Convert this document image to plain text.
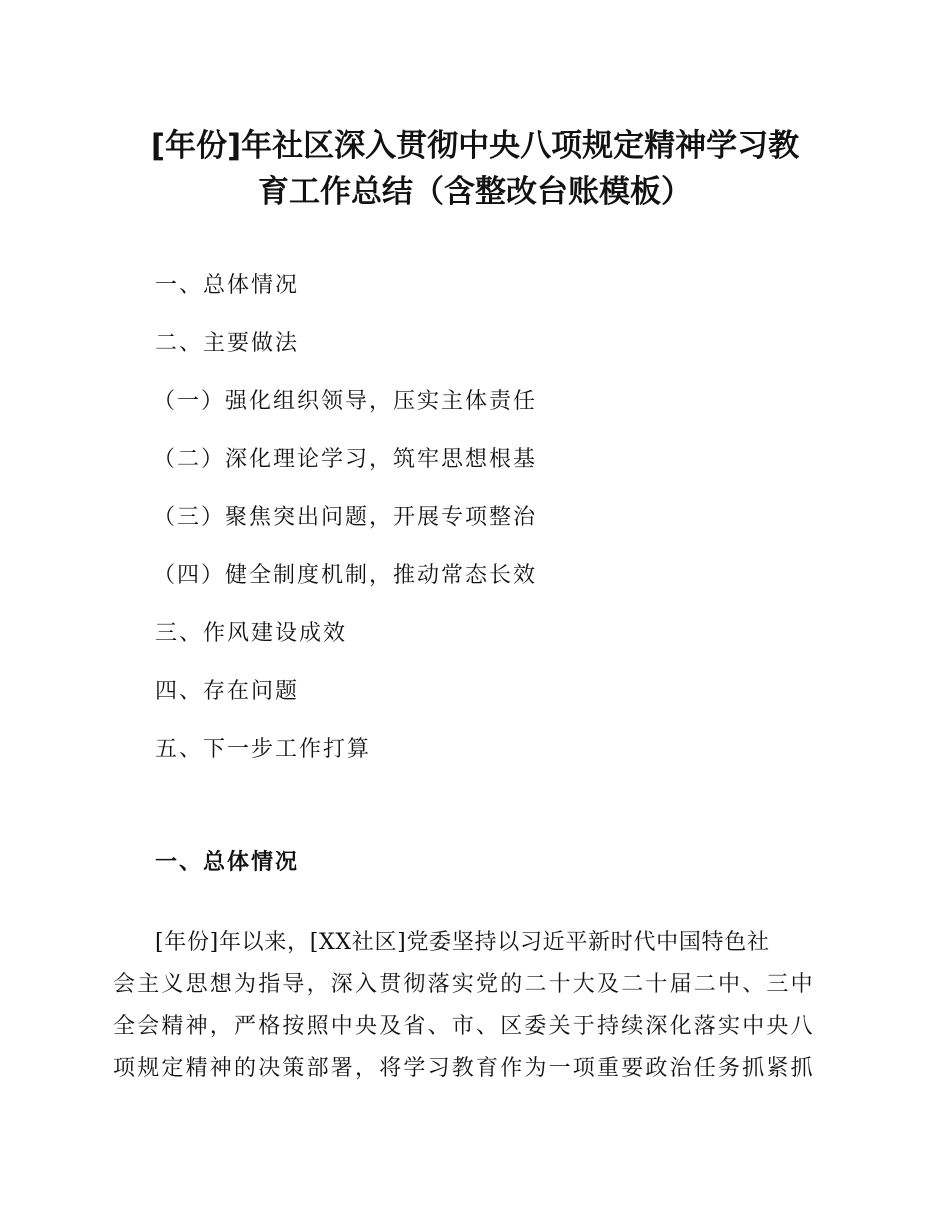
[年份]年社区深入贯彻中央八项规定精神学习教
育工作总结（含整改台账模板）
一、总体情况
二、主要做法
（一）强化组织领导，压实主体责任
（二）深化理论学习，筑牢思想根基
（三）聚焦突出问题，开展专项整治
（四）健全制度机制，推动常态长效
三、作风建设成效
四、存在问题
五、下一步工作打算
一、总体情况
[年份]年以来，[XX社区]党委坚持以习近平新时代中国特色社
会主义思想为指导，深入贯彻落实党的二十大及二十届二中、三中
全会精神，严格按照中央及省、市、区委关于持续深化落实中央八
项规定精神的决策部署，将学习教育作为一项重要政治任务抓紧抓
